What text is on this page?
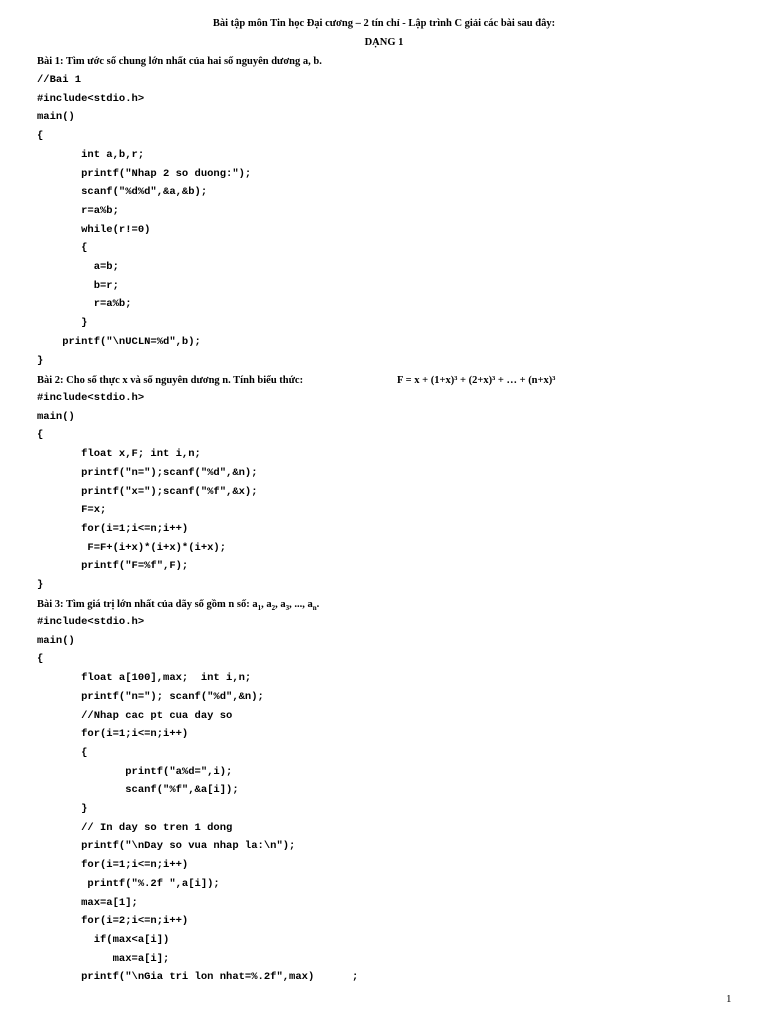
Bài tập môn Tin học Đại cương – 2 tín chỉ - Lập trình C giải các bài sau đây:
DẠNG 1
Bài 1: Tìm ước số chung lớn nhất của hai số nguyên dương a, b.
//Bai 1
#include<stdio.h>
main()
{
int a,b,r;
printf("Nhap 2 so duong:");
scanf("%d%d",&a,&b);
r=a%b;
while(r!=0)
{
a=b;
b=r;
r=a%b;
}
printf("\nUCLN=%d",b);
}
Bài 2: Cho số thực x và số nguyên dương n. Tính biểu thức:	F = x + (1+x)³ + (2+x)³ + … + (n+x)³
#include<stdio.h>
main()
{
float x,F; int i,n;
printf("n=");scanf("%d",&n);
printf("x=");scanf("%f",&x);
F=x;
for(i=1;i<=n;i++)
F=F+(i+x)*(i+x)*(i+x);
printf("F=%f",F);
}
Bài 3: Tìm giá trị lớn nhất của dãy số gồm n số: $a_1$, $a_2$, $a_3$, ..., $a_n$.
#include<stdio.h>
main()
{
float a[100],max;  int i,n;
printf("n="); scanf("%d",&n);
//Nhap cac pt cua day so
for(i=1;i<=n;i++)
{
printf("a%d=",i);
scanf("%f",&a[i]);
}
// In day so tren 1 dong
printf("\nDay so vua nhap la:\n");
for(i=1;i<=n;i++)
printf("%.2f ",a[i]);
max=a[1];
for(i=2;i<=n;i++)
if(max<a[i])
max=a[i];
printf("\nGia tri lon nhat=%.2f",max)      ;
1
